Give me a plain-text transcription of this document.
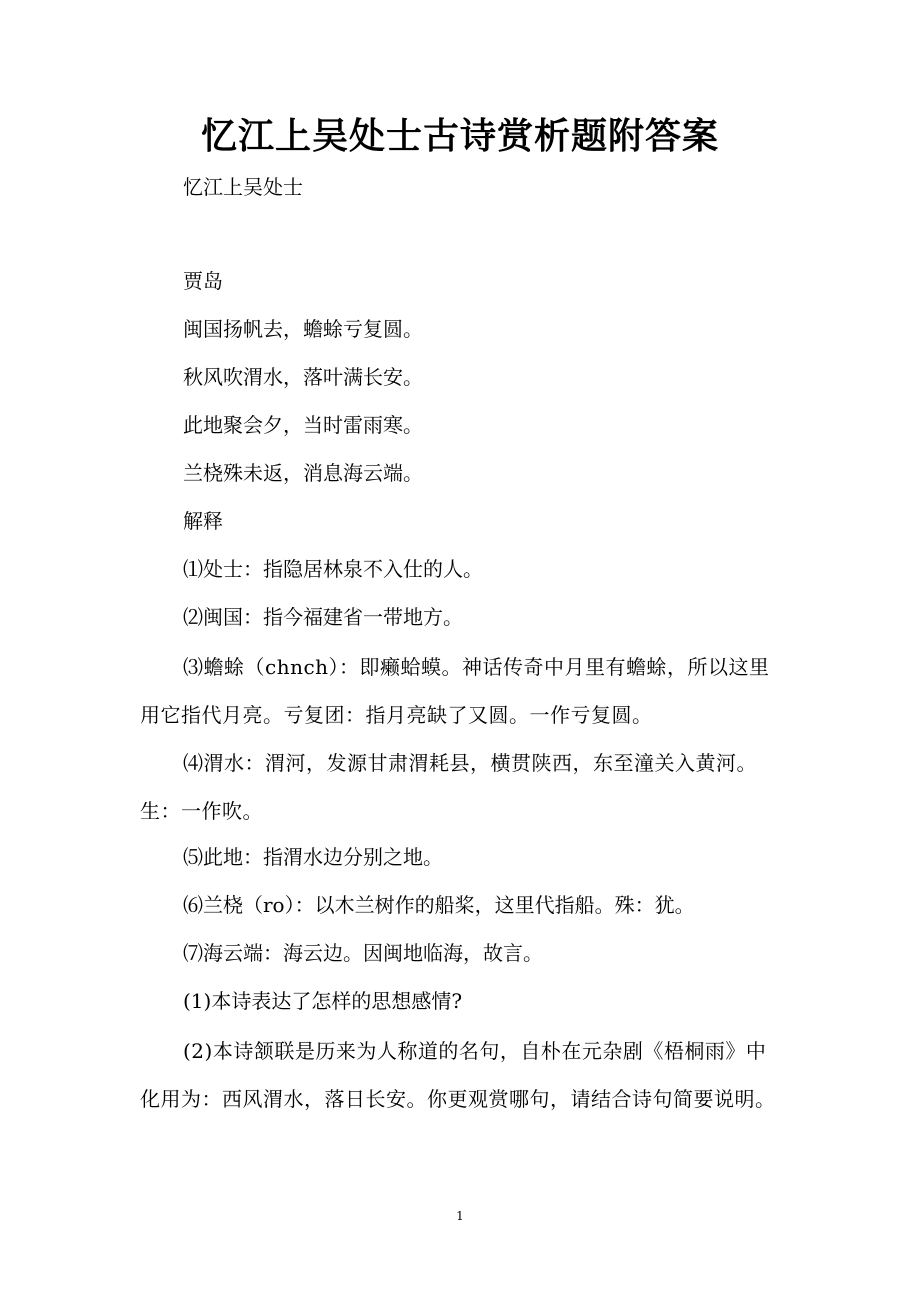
忆江上吴处士古诗赏析题附答案
忆江上吴处士
贾岛
闽国扬帆去，蟾蜍亏复圆。
秋风吹渭水，落叶满长安。
此地聚会夕，当时雷雨寒。
兰桡殊未返，消息海云端。
解释
⑴处士：指隐居林泉不入仕的人。
⑵闽国：指今福建省一带地方。
⑶蟾蜍（chnch）：即癞蛤蟆。神话传奇中月里有蟾蜍，所以这里用它指代月亮。亏复团：指月亮缺了又圆。一作亏复圆。
⑷渭水：渭河，发源甘肃渭耗县，横贯陕西，东至潼关入黄河。生：一作吹。
⑸此地：指渭水边分别之地。
⑹兰桡（ro）：以木兰树作的船桨，这里代指船。殊：犹。
⑺海云端：海云边。因闽地临海，故言。
(1)本诗表达了怎样的思想感情?
(2)本诗颔联是历来为人称道的名句，自朴在元杂剧《梧桐雨》中化用为：西风渭水，落日长安。你更观赏哪句，请结合诗句简要说明。
1
